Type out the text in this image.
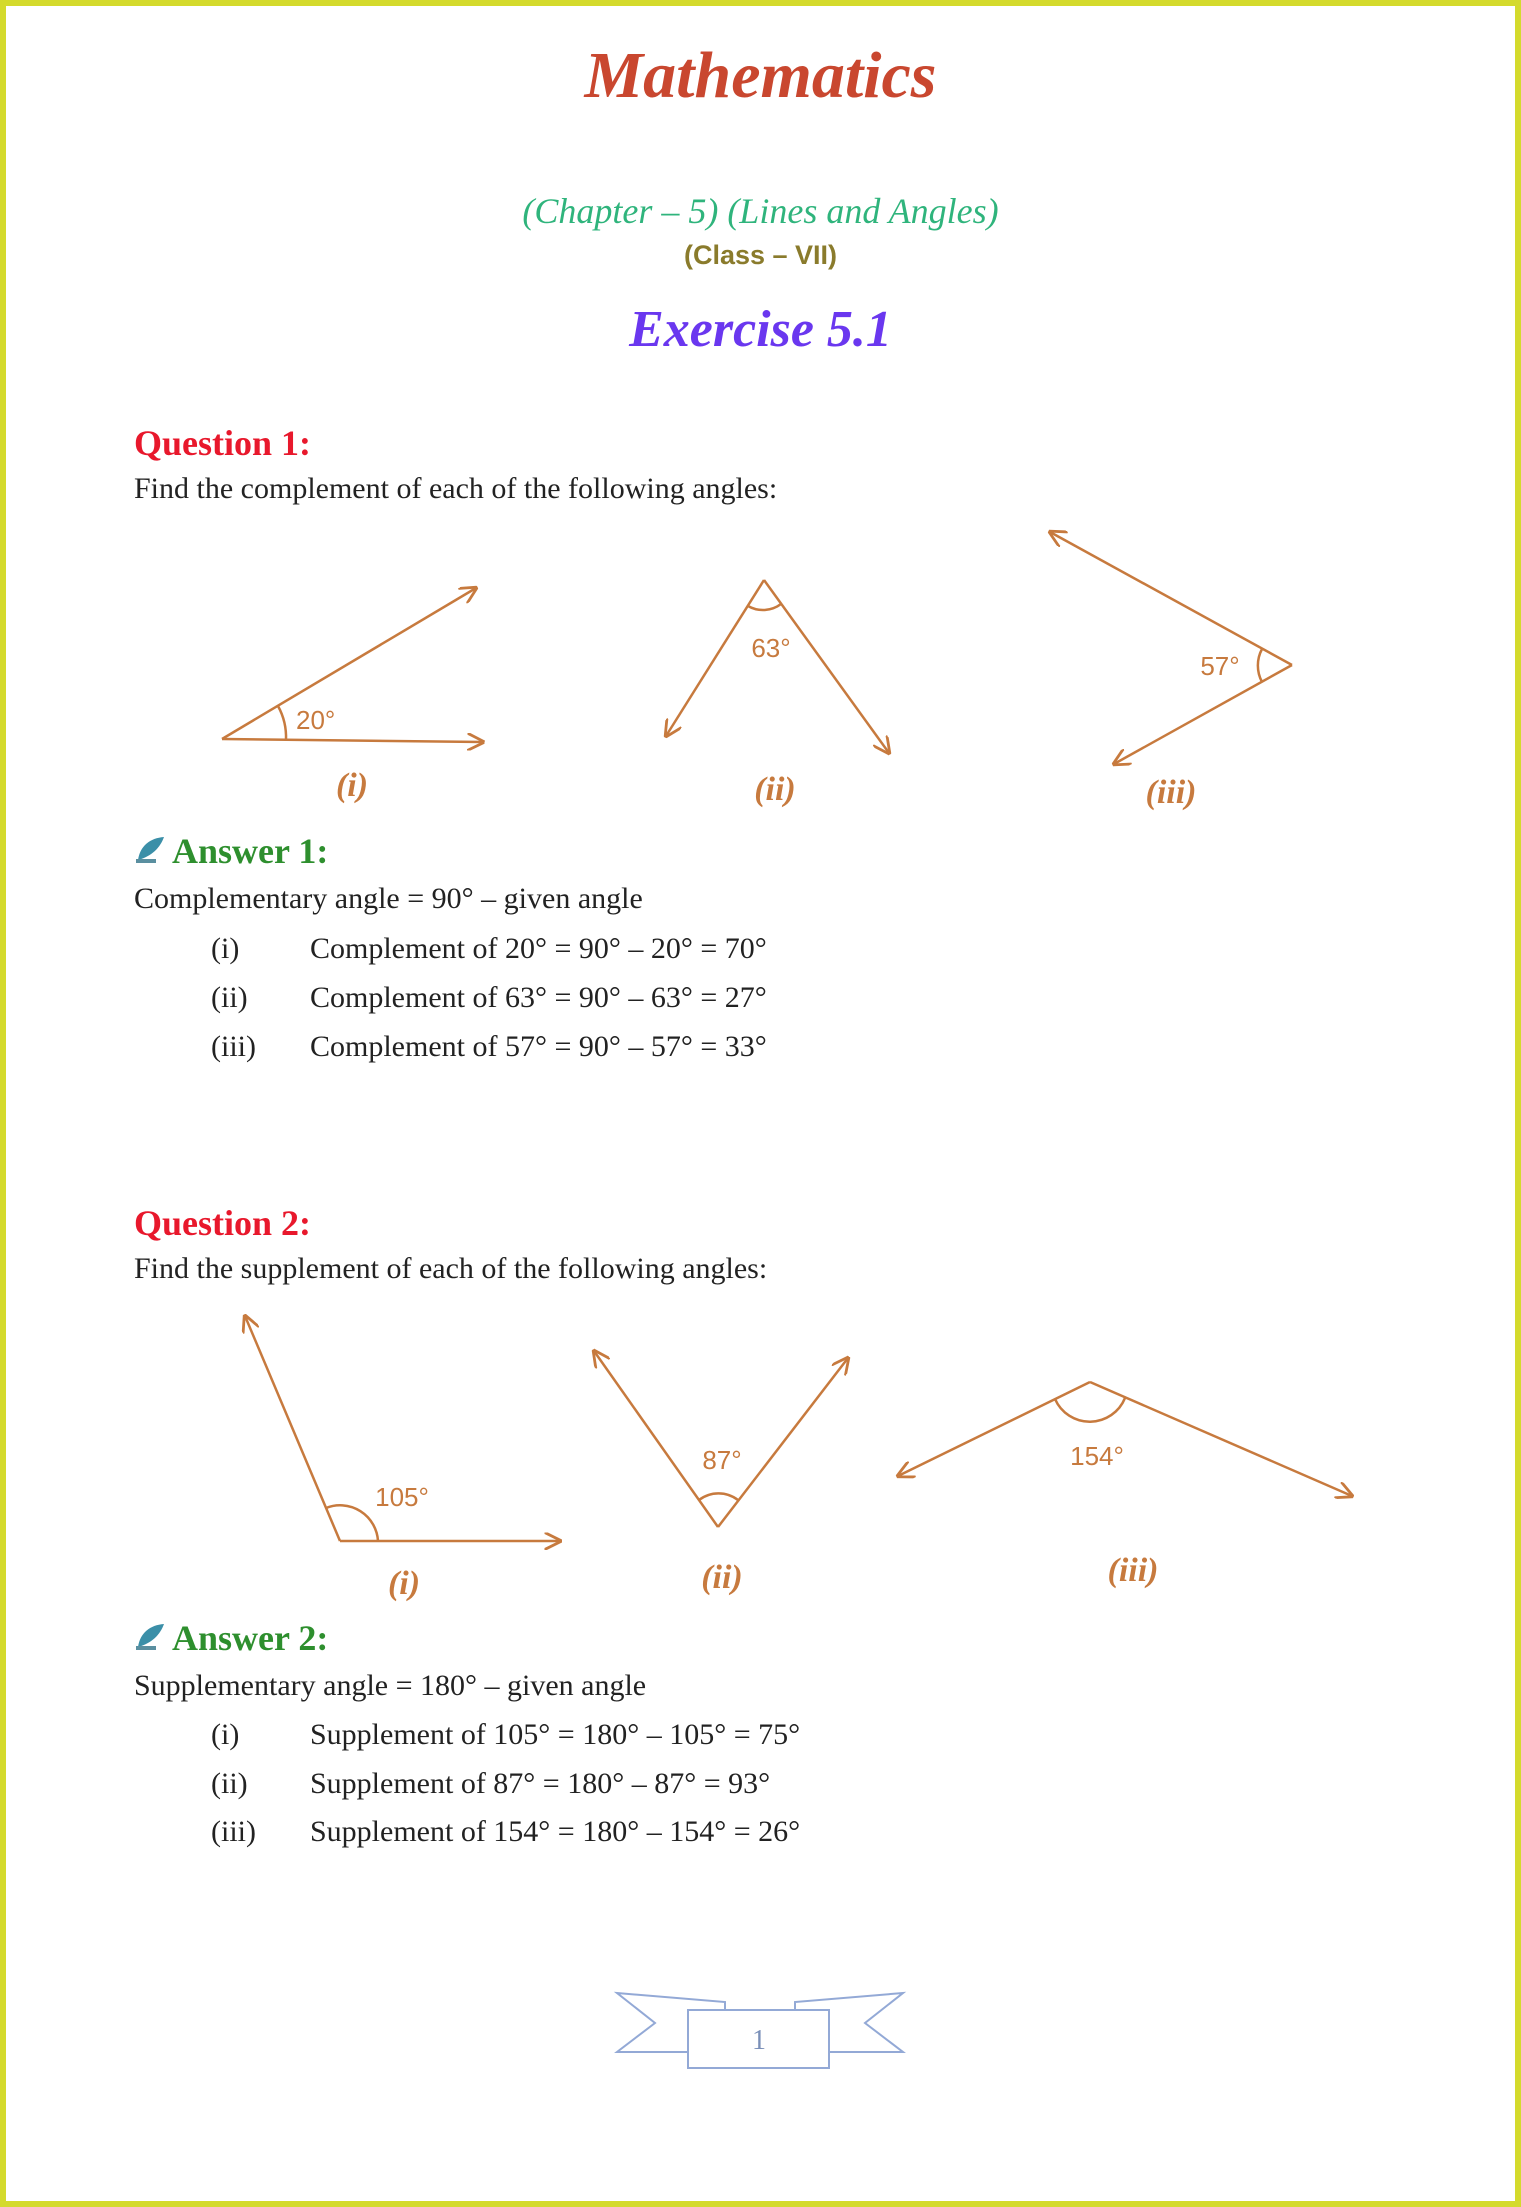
Mathematics
(Chapter – 5) (Lines and Angles)
(Class – VII)
Exercise 5.1
Question 1:
Find the complement of each of the following angles:
20°
(i)
63°
(ii)
57°
(iii)
105°
(i)
87°
(ii)
154°
(iii)
1
Answer 1:
Complementary angle = 90° – given angle
(i) Complement of 20° = 90° – 20° = 70°
(ii) Complement of 63° = 90° – 63° = 27°
(iii) Complement of 57° = 90° – 57° = 33°
Question 2:
Find the supplement of each of the following angles:
Answer 2:
Supplementary angle = 180° – given angle
(i) Supplement of 105° = 180° – 105° = 75°
(ii) Supplement of 87° = 180° – 87° = 93°
(iii) Supplement of 154° = 180° – 154° = 26°
